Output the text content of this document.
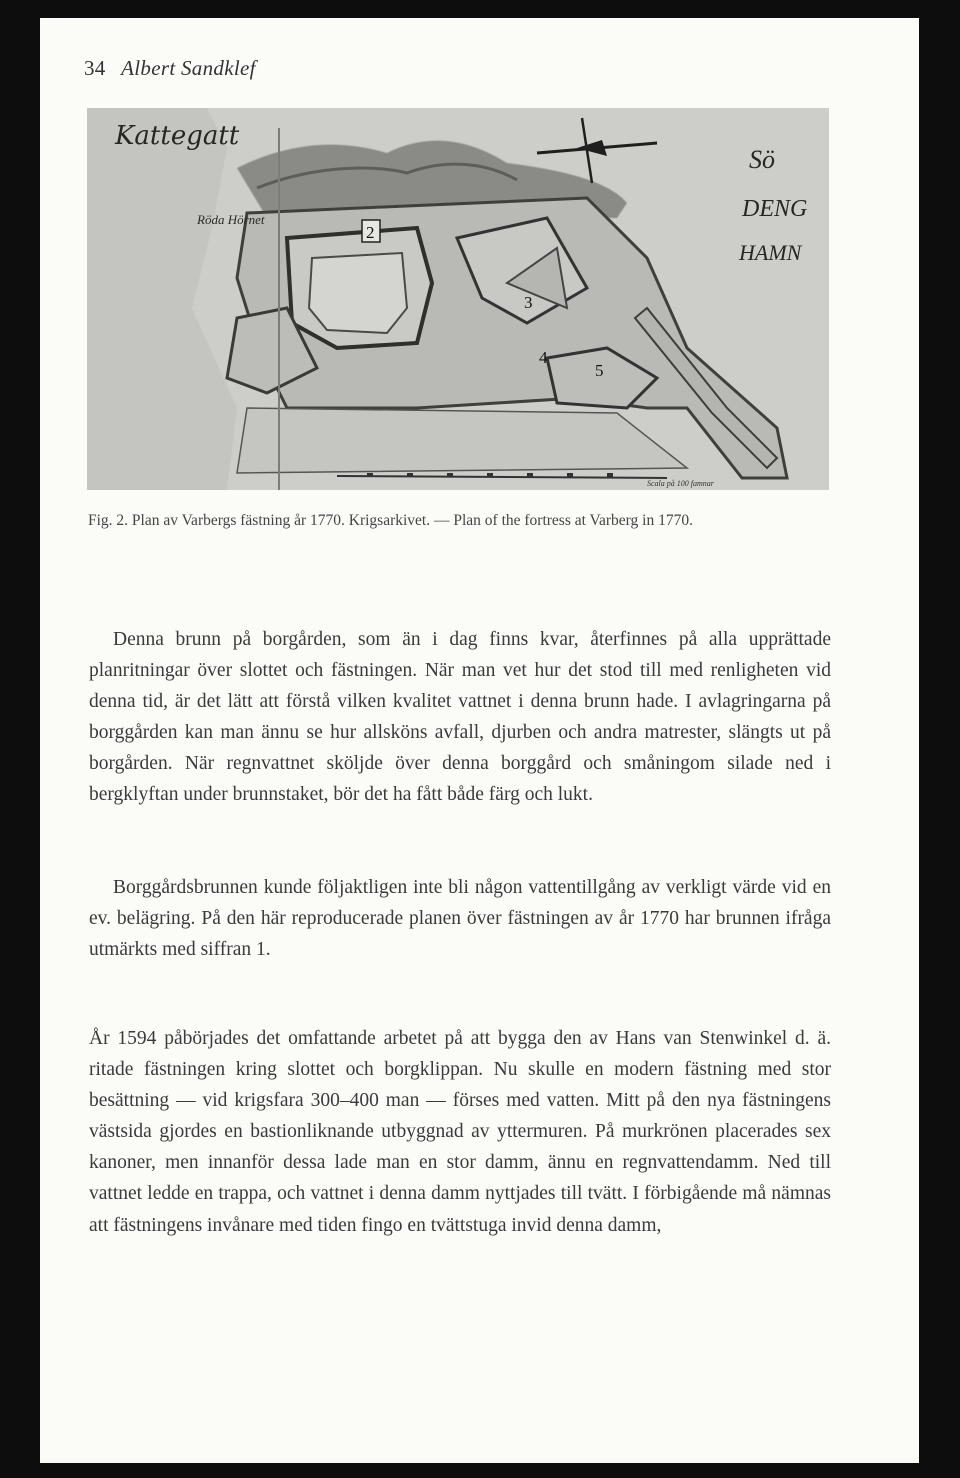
34 Albert Sandklef
Scala på 100 famnar
Kattegatt
Röda Hörnet
Sö
DENG
HAMN
2
3
4
5
Fig. 2. Plan av Varbergs fästning år 1770. Krigsarkivet. — Plan of the fortress at Varberg in 1770.

Denna brunn på borgården, som än i dag finns kvar, återfinnes på alla upprättade planritningar över slottet och fästningen. När man vet hur det stod till med renligheten vid denna tid, är det lätt att förstå vilken kvalitet vattnet i denna brunn hade. I avlagringarna på borggården kan man ännu se hur allsköns avfall, djurben och andra matrester, slängts ut på borgården. När regnvattnet sköljde över denna borggård och småningom silade ned i bergklyftan under brunnstaket, bör det ha fått både färg och lukt.

Borggårdsbrunnen kunde följaktligen inte bli någon vattentillgång av verkligt värde vid en ev. belägring. På den här reproducerade planen över fästningen av år 1770 har brunnen ifråga utmärkts med siffran 1.

År 1594 påbörjades det omfattande arbetet på att bygga den av Hans van Stenwinkel d. ä. ritade fästningen kring slottet och borgklippan. Nu skulle en modern fästning med stor besättning — vid krigsfara 300–400 man — förses med vatten. Mitt på den nya fästningens västsida gjordes en bastionliknande utbyggnad av yttermuren. På murkrönen placerades sex kanoner, men innanför dessa lade man en stor damm, ännu en regnvattendamm. Ned till vattnet ledde en trappa, och vattnet i denna damm nyttjades till tvätt. I förbigående må nämnas att fästningens invånare med tiden fingo en tvättstuga invid denna damm,
